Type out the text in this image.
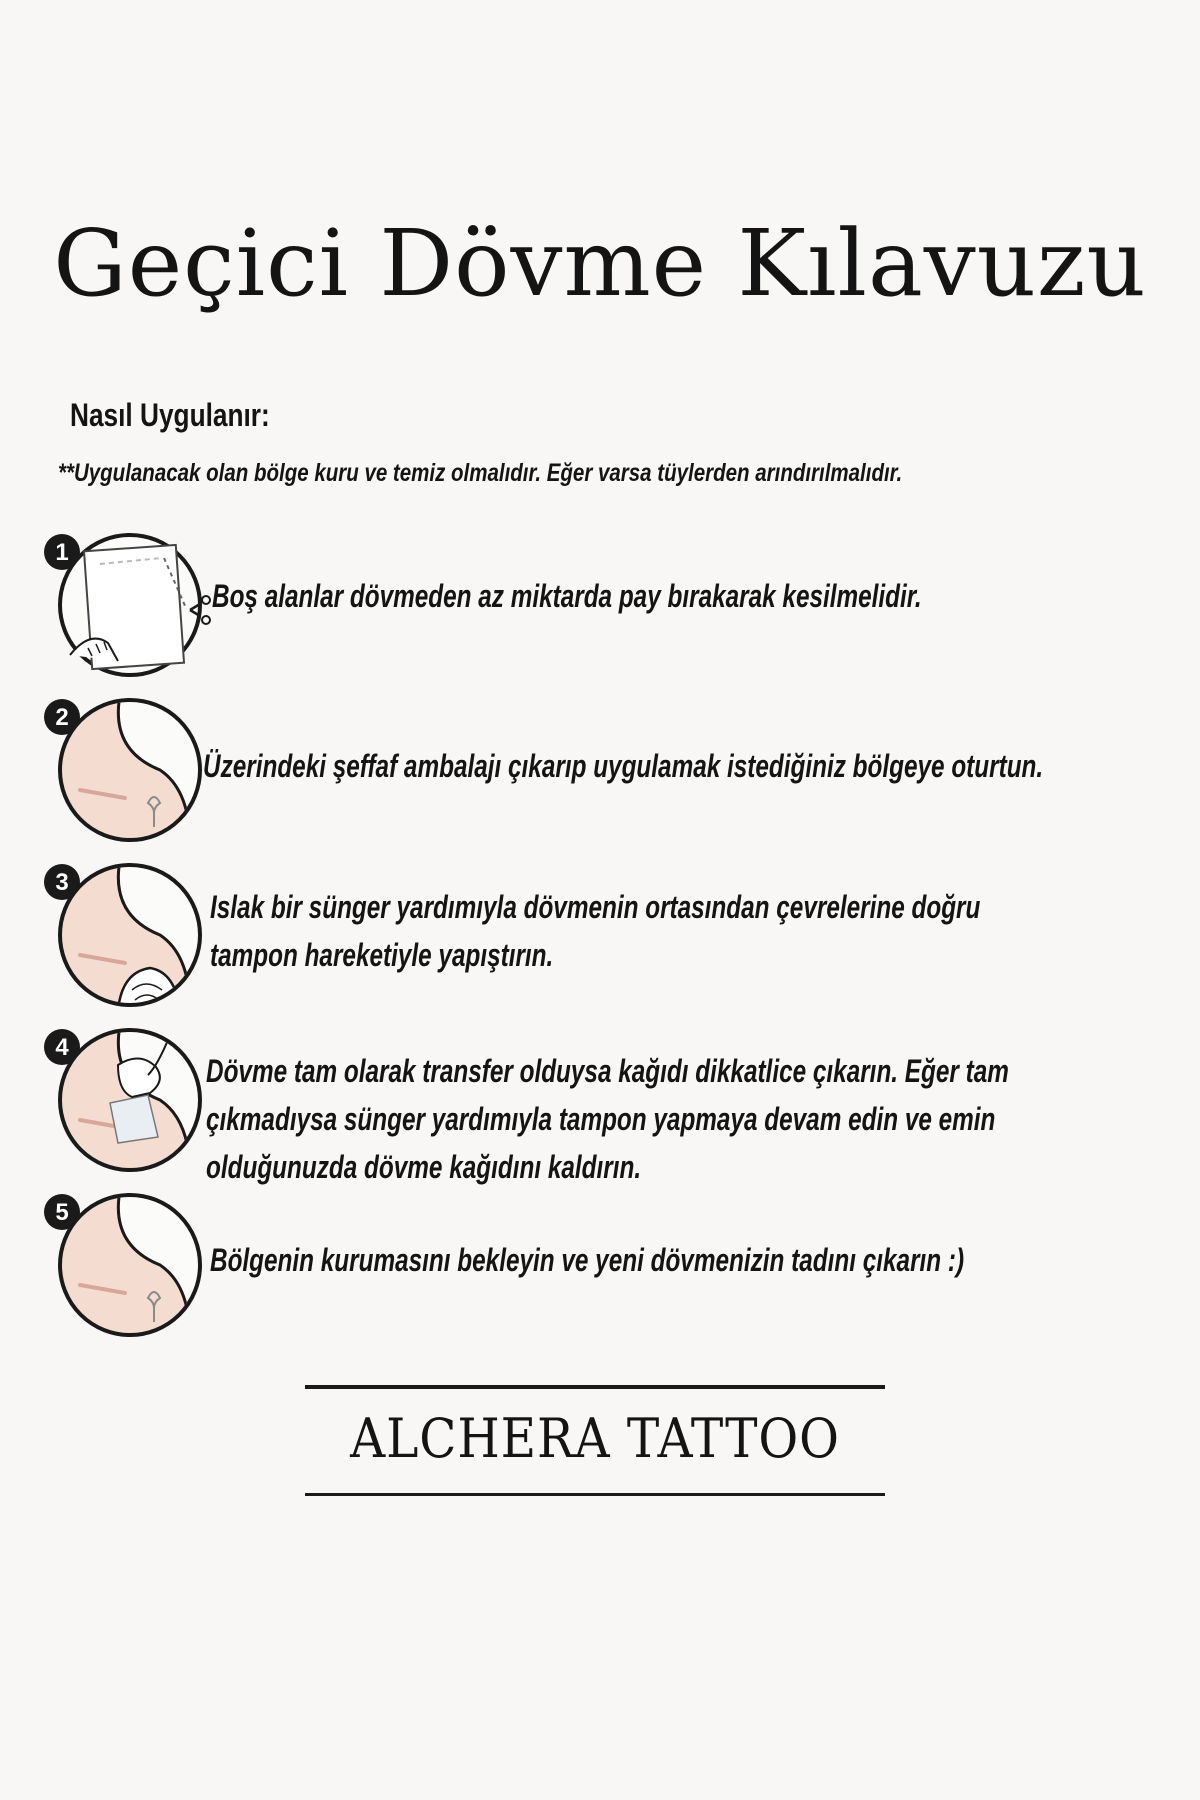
Geçici Dövme Kılavuzu
Nasıl Uygulanır:
**Uygulanacak olan bölge kuru ve temiz olmalıdır. Eğer varsa tüylerden arındırılmalıdır.
1
Boş alanlar dövmeden az miktarda pay bırakarak kesilmelidir.
2
Üzerindeki şeffaf ambalajı çıkarıp uygulamak istediğiniz bölgeye oturtun.
3
Islak bir sünger yardımıyla dövmenin ortasından çevrelerine doğru
tampon hareketiyle yapıştırın.
4
Dövme tam olarak transfer olduysa kağıdı dikkatlice çıkarın. Eğer tam
çıkmadıysa sünger yardımıyla tampon yapmaya devam edin ve emin
olduğunuzda dövme kağıdını kaldırın.
5
Bölgenin kurumasını bekleyin ve yeni dövmenizin tadını çıkarın :)
ALCHERA TATTOO
